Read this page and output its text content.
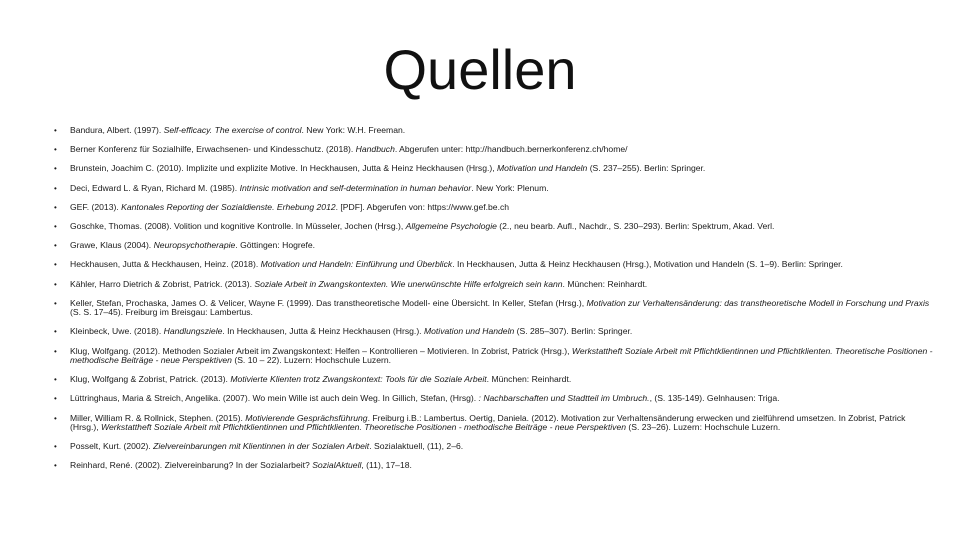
Quellen
• Bandura, Albert. (1997). Self-efficacy. The exercise of control. New York: W.H. Freeman.
• Berner Konferenz für Sozialhilfe, Erwachsenen- und Kindesschutz. (2018). Handbuch. Abgerufen unter: http://handbuch.bernerkonferenz.ch/home/
• Brunstein, Joachim C. (2010). Implizite und explizite Motive. In Heckhausen, Jutta & Heinz Heckhausen (Hrsg.), Motivation und Handeln (S. 237–255). Berlin: Springer.
• Deci, Edward L. & Ryan, Richard M. (1985). Intrinsic motivation and self-determination in human behavior. New York: Plenum.
• GEF. (2013). Kantonales Reporting der Sozialdienste. Erhebung 2012. [PDF]. Abgerufen von: https://www.gef.be.ch
• Goschke, Thomas. (2008). Volition und kognitive Kontrolle. In Müsseler, Jochen (Hrsg.), Allgemeine Psychologie (2., neu bearb. Aufl., Nachdr., S. 230–293). Berlin: Spektrum, Akad. Verl.
• Grawe, Klaus (2004). Neuropsychotherapie. Göttingen: Hogrefe.
• Heckhausen, Jutta & Heckhausen, Heinz. (2018). Motivation und Handeln: Einführung und Überblick. In Heckhausen, Jutta & Heinz Heckhausen (Hrsg.), Motivation und Handeln (S. 1–9). Berlin: Springer.
• Kähler, Harro Dietrich & Zobrist, Patrick. (2013). Soziale Arbeit in Zwangskontexten. Wie unerwünschte Hilfe erfolgreich sein kann. München: Reinhardt.
• Keller, Stefan, Prochaska, James O. & Velicer, Wayne F. (1999). Das transtheoretische Modell- eine Übersicht. In Keller, Stefan (Hrsg.), Motivation zur Verhaltensänderung: das transtheoretische Modell in Forschung und Praxis (S. S. 17–45). Freiburg im Breisgau: Lambertus.
• Kleinbeck, Uwe. (2018). Handlungsziele. In Heckhausen, Jutta & Heinz Heckhausen (Hrsg.). Motivation und Handeln (S. 285–307). Berlin: Springer.
• Klug, Wolfgang. (2012). Methoden Sozialer Arbeit im Zwangskontext: Helfen – Kontrollieren – Motivieren. In Zobrist, Patrick (Hrsg.), Werkstattheft Soziale Arbeit mit Pflichtklientinnen und Pflichtklienten. Theoretische Positionen - methodische Beiträge - neue Perspektiven (S. 10 – 22). Luzern: Hochschule Luzern.
• Klug, Wolfgang & Zobrist, Patrick. (2013). Motivierte Klienten trotz Zwangskontext: Tools für die Soziale Arbeit. München: Reinhardt.
• Lüttringhaus, Maria & Streich, Angelika. (2007). Wo mein Wille ist auch dein Weg. In Gillich, Stefan, (Hrsg). : Nachbarschaften und Stadtteil im Umbruch., (S. 135-149). Gelnhausen: Triga.
• Miller, William R. & Rollnick, Stephen. (2015). Motivierende Gesprächsführung. Freiburg i.B.: Lambertus. Oertig, Daniela. (2012). Motivation zur Verhaltensänderung erwecken und zielführend umsetzen. In Zobrist, Patrick (Hrsg.), Werkstattheft Soziale Arbeit mit Pflichtklientinnen und Pflichtklienten. Theoretische Positionen - methodische Beiträge - neue Perspektiven (S. 23–26). Luzern: Hochschule Luzern.
• Posselt, Kurt. (2002). Zielvereinbarungen mit Klientinnen in der Sozialen Arbeit. Sozialaktuell, (11), 2–6.
• Reinhard, René. (2002). Zielvereinbarung? In der Sozialarbeit? SozialAktuell, (11), 17–18.
